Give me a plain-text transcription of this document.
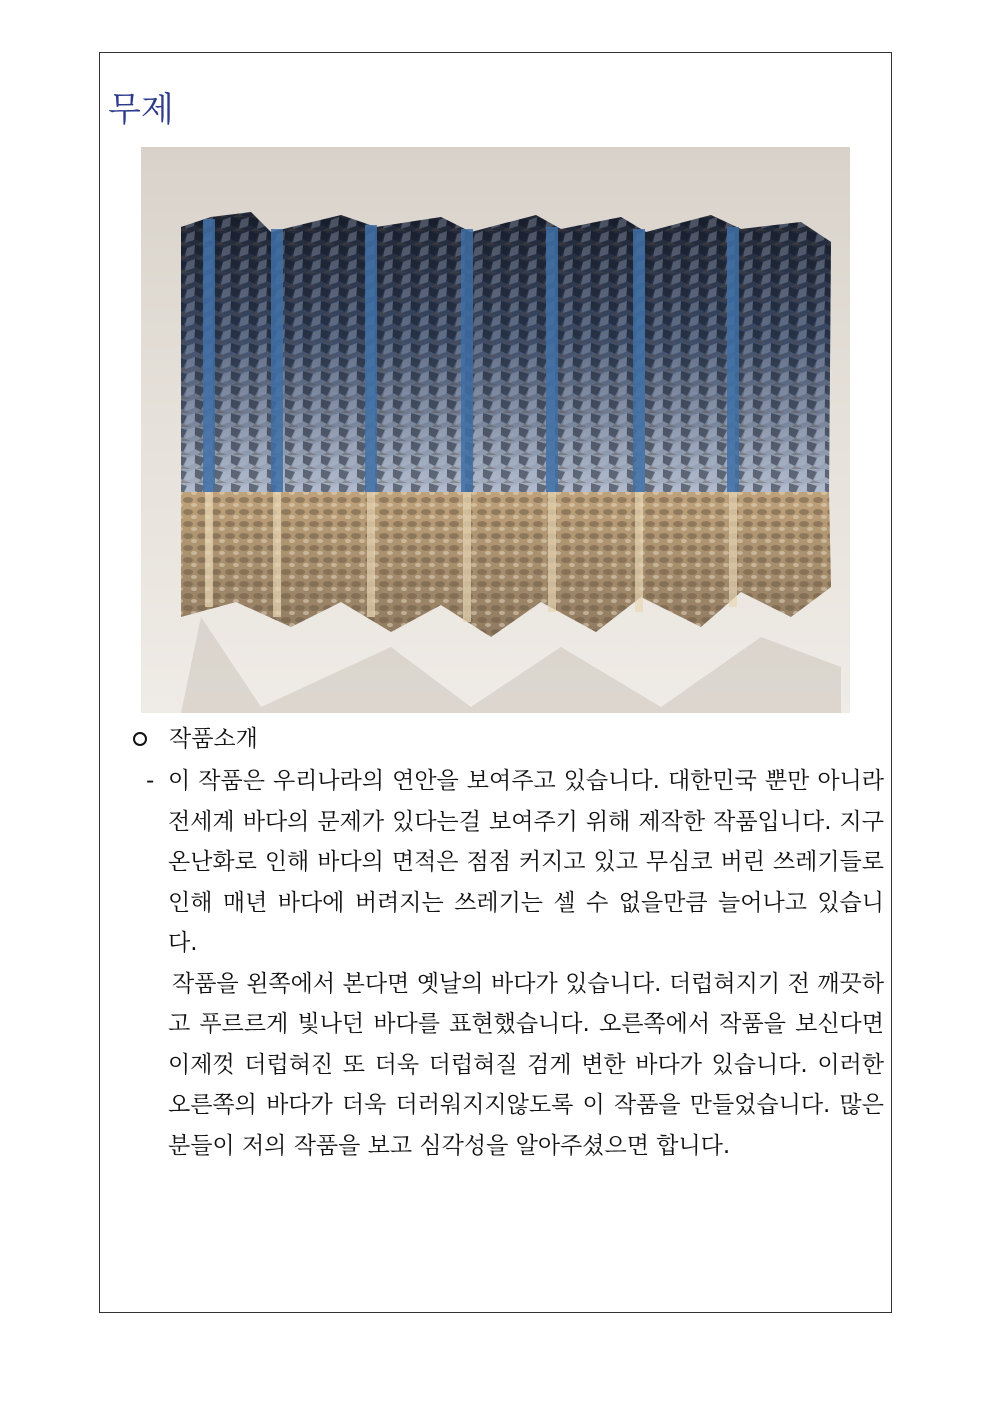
무제
작품소개

- 이 작품은 우리나라의 연안을 보여주고 있습니다. 대한민국 뿐만 아니라 전세계 바다의 문제가 있다는걸 보여주기 위해 제작한 작품입니다. 지구 온난화로 인해 바다의 면적은 점점 커지고 있고 무심코 버린 쓰레기들로 인해 매년 바다에 버려지는 쓰레기는 셀 수 없을만큼 늘어나고 있습니다.

작품을 왼쪽에서 본다면 옛날의 바다가 있습니다. 더럽혀지기 전 깨끗하고 푸르르게 빛나던 바다를 표현했습니다. 오른쪽에서 작품을 보신다면 이제껏 더럽혀진 또 더욱 더럽혀질 검게 변한 바다가 있습니다. 이러한 오른쪽의 바다가 더욱 더러워지지않도록 이 작품을 만들었습니다. 많은 분들이 저의 작품을 보고 심각성을 알아주셨으면 합니다.
